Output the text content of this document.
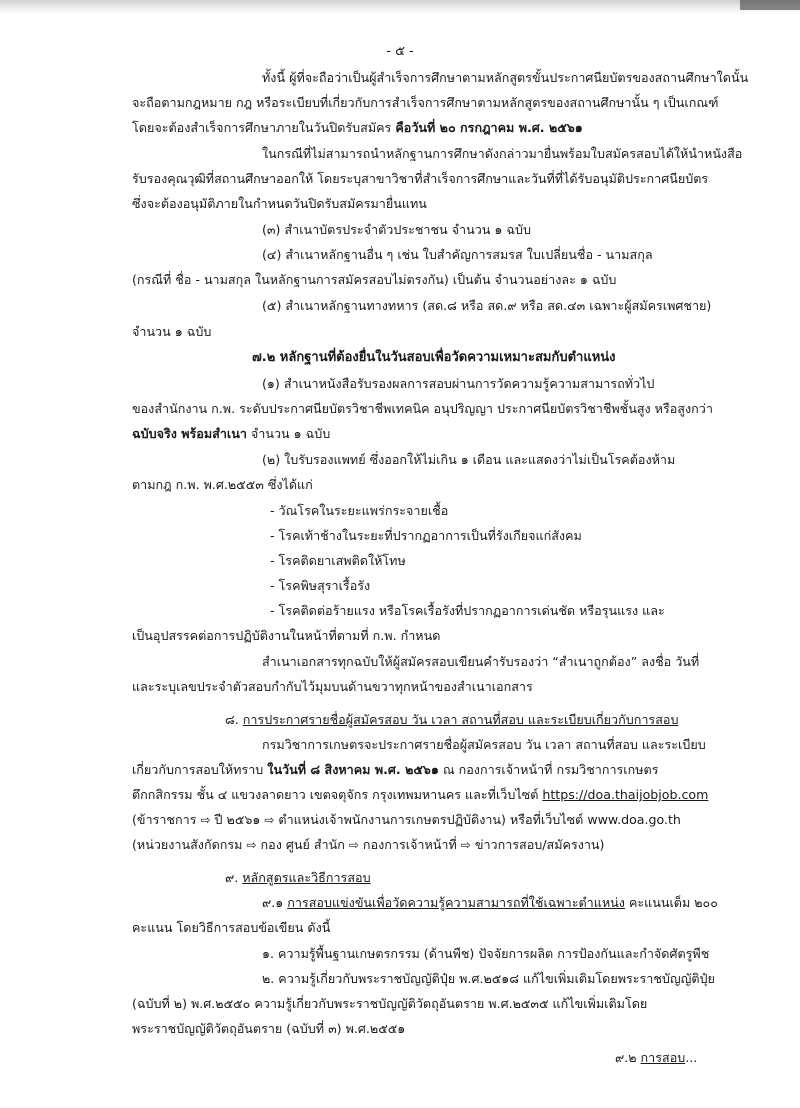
- ๕ -
ทั้งนี้ ผู้ที่จะถือว่าเป็นผู้สำเร็จการศึกษาตามหลักสูตรขั้นประกาศนียบัตรของสถานศึกษาใดนั้น
จะถือตามกฎหมาย กฎ หรือระเบียบที่เกี่ยวกับการสำเร็จการศึกษาตามหลักสูตรของสถานศึกษานั้น ๆ เป็นเกณฑ์
โดยจะต้องสำเร็จการศึกษาภายในวันปิดรับสมัคร คือวันที่ ๒๐ กรกฎาคม พ.ศ. ๒๕๖๑
ในกรณีที่ไม่สามารถนำหลักฐานการศึกษาดังกล่าวมายื่นพร้อมใบสมัครสอบได้ให้นำหนังสือ
รับรองคุณวุฒิที่สถานศึกษาออกให้ โดยระบุสาขาวิชาที่สำเร็จการศึกษาและวันที่ที่ได้รับอนุมัติประกาศนียบัตร
ซึ่งจะต้องอนุมัติภายในกำหนดวันปิดรับสมัครมายื่นแทน
(๓) สำเนาบัตรประจำตัวประชาชน จำนวน ๑ ฉบับ
(๔) สำเนาหลักฐานอื่น ๆ เช่น ใบสำคัญการสมรส ใบเปลี่ยนชื่อ - นามสกุล
(กรณีที่ ชื่อ - นามสกุล ในหลักฐานการสมัครสอบไม่ตรงกัน) เป็นต้น จำนวนอย่างละ ๑ ฉบับ
(๕) สำเนาหลักฐานทางทหาร (สด.๘ หรือ สด.๙ หรือ สด.๔๓ เฉพาะผู้สมัครเพศชาย)
จำนวน ๑ ฉบับ
๗.๒ หลักฐานที่ต้องยื่นในวันสอบเพื่อวัดความเหมาะสมกับตำแหน่ง
(๑) สำเนาหนังสือรับรองผลการสอบผ่านการวัดความรู้ความสามารถทั่วไป
ของสำนักงาน ก.พ. ระดับประกาศนียบัตรวิชาชีพเทคนิค อนุปริญญา ประกาศนียบัตรวิชาชีพชั้นสูง หรือสูงกว่า
ฉบับจริง พร้อมสำเนา จำนวน ๑ ฉบับ
(๒) ใบรับรองแพทย์ ซึ่งออกให้ไม่เกิน ๑ เดือน และแสดงว่าไม่เป็นโรคต้องห้าม
ตามกฎ ก.พ. พ.ศ.๒๕๕๓ ซึ่งได้แก่
- วัณโรคในระยะแพร่กระจายเชื้อ
- โรคเท้าช้างในระยะที่ปรากฏอาการเป็นที่รังเกียจแก่สังคม
- โรคติดยาเสพติดให้โทษ
- โรคพิษสุราเรื้อรัง
- โรคติดต่อร้ายแรง หรือโรคเรื้อรังที่ปรากฏอาการเด่นชัด หรือรุนแรง และ
เป็นอุปสรรคต่อการปฏิบัติงานในหน้าที่ตามที่ ก.พ. กำหนด
สำเนาเอกสารทุกฉบับให้ผู้สมัครสอบเขียนคำรับรองว่า “สำเนาถูกต้อง” ลงชื่อ วันที่
และระบุเลขประจำตัวสอบกำกับไว้มุมบนด้านขวาทุกหน้าของสำเนาเอกสาร
๘. การประกาศรายชื่อผู้สมัครสอบ วัน เวลา สถานที่สอบ และระเบียบเกี่ยวกับการสอบ
กรมวิชาการเกษตรจะประกาศรายชื่อผู้สมัครสอบ วัน เวลา สถานที่สอบ และระเบียบ
เกี่ยวกับการสอบให้ทราบ ในวันที่ ๘ สิงหาคม พ.ศ. ๒๕๖๑ ณ กองการเจ้าหน้าที่ กรมวิชาการเกษตร
ตึกกสิกรรม ชั้น ๔ แขวงลาดยาว เขตจตุจักร กรุงเทพมหานคร และที่เว็บไซต์ https://doa.thaijobjob.com
(ข้าราชการ ⇨ ปี ๒๕๖๑ ⇨ ตำแหน่งเจ้าพนักงานการเกษตรปฏิบัติงาน) หรือที่เว็บไซต์ www.doa.go.th
(หน่วยงานสังกัดกรม ⇨ กอง ศูนย์ สำนัก ⇨ กองการเจ้าหน้าที่ ⇨ ข่าวการสอบ/สมัครงาน)
๙. หลักสูตรและวิธีการสอบ
๙.๑ การสอบแข่งขันเพื่อวัดความรู้ความสามารถที่ใช้เฉพาะตำแหน่ง คะแนนเต็ม ๒๐๐
คะแนน โดยวิธีการสอบข้อเขียน ดังนี้
๑. ความรู้พื้นฐานเกษตรกรรม (ด้านพืช) ปัจจัยการผลิต การป้องกันและกำจัดศัตรูพืช
๒. ความรู้เกี่ยวกับพระราชบัญญัติปุ๋ย พ.ศ.๒๕๑๘ แก้ไขเพิ่มเติมโดยพระราชบัญญัติปุ๋ย
(ฉบับที่ ๒) พ.ศ.๒๕๕๐ ความรู้เกี่ยวกับพระราชบัญญัติวัตถุอันตราย พ.ศ.๒๕๓๕ แก้ไขเพิ่มเติมโดย
พระราชบัญญัติวัตถุอันตราย (ฉบับที่ ๓) พ.ศ.๒๕๕๑
๙.๒ การสอบ...
